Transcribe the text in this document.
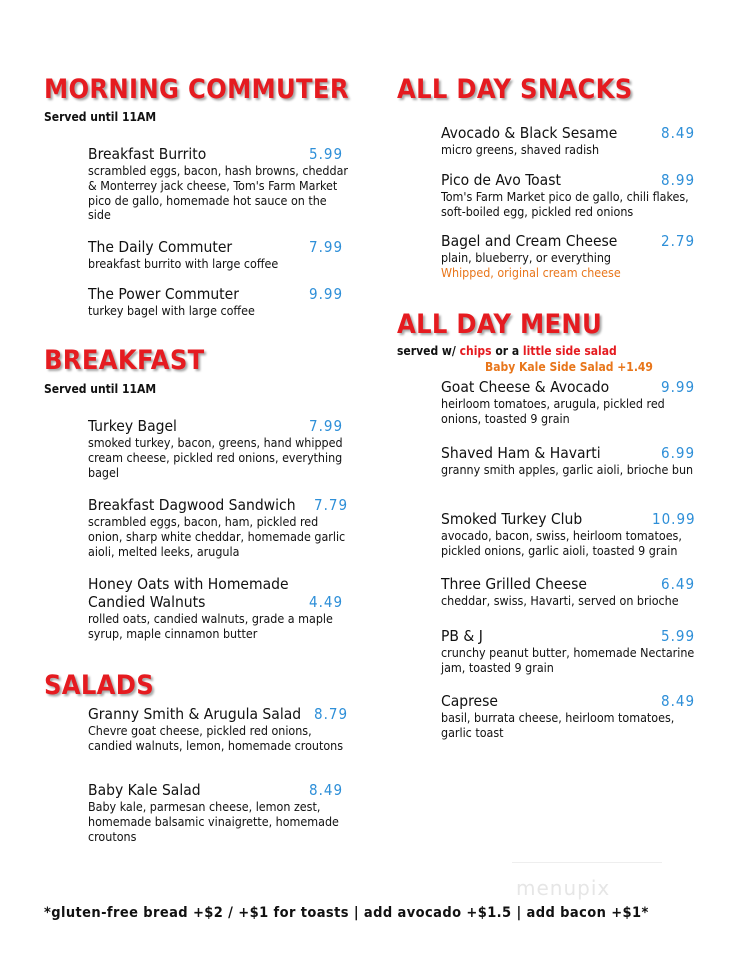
MORNING COMMUTER
Served until 11AM
Breakfast Burrito	5.99
scrambled eggs, bacon, hash browns, cheddar & Monterrey jack cheese, Tom's Farm Market pico de gallo, homemade hot sauce on the side
The Daily Commuter	7.99
breakfast burrito with large coffee
The Power Commuter	9.99
turkey bagel with large coffee
BREAKFAST
Served until 11AM
Turkey Bagel	7.99
smoked turkey, bacon, greens, hand whipped cream cheese, pickled red onions, everything bagel
Breakfast Dagwood Sandwich	7.79
scrambled eggs, bacon, ham, pickled red onion, sharp white cheddar, homemade garlic aioli, melted leeks, arugula
Honey Oats with Homemade
Candied Walnuts	4.49
rolled oats, candied walnuts, grade a maple syrup, maple cinnamon butter
SALADS
Granny Smith & Arugula Salad 8.79
Chevre goat cheese, pickled red onions, candied walnuts, lemon, homemade croutons
Baby Kale Salad	8.49
Baby kale, parmesan cheese, lemon zest, homemade balsamic vinaigrette, homemade croutons
ALL DAY SNACKS
Avocado & Black Sesame	8.49
micro greens, shaved radish
Pico de Avo Toast	8.99
Tom's Farm Market pico de gallo, chili flakes, soft-boiled egg, pickled red onions
Bagel and Cream Cheese	2.79
plain, blueberry, or everything
Whipped, original cream cheese
ALL DAY MENU
served w/ chips or a little side salad
Baby Kale Side Salad +1.49
Goat Cheese & Avocado	9.99
heirloom tomatoes, arugula, pickled red onions, toasted 9 grain
Shaved Ham & Havarti	6.99
granny smith apples, garlic aioli, brioche bun
Smoked Turkey Club	10.99
avocado, bacon, swiss, heirloom tomatoes, pickled onions, garlic aioli, toasted 9 grain
Three Grilled Cheese	6.49
cheddar, swiss, Havarti, served on brioche
PB & J	5.99
crunchy peanut butter, homemade Nectarine jam, toasted 9 grain
Caprese	8.49
basil, burrata cheese, heirloom tomatoes, garlic toast
menupix
*gluten-free bread +$2 / +$1 for toasts | add avocado +$1.5 | add bacon +$1*
